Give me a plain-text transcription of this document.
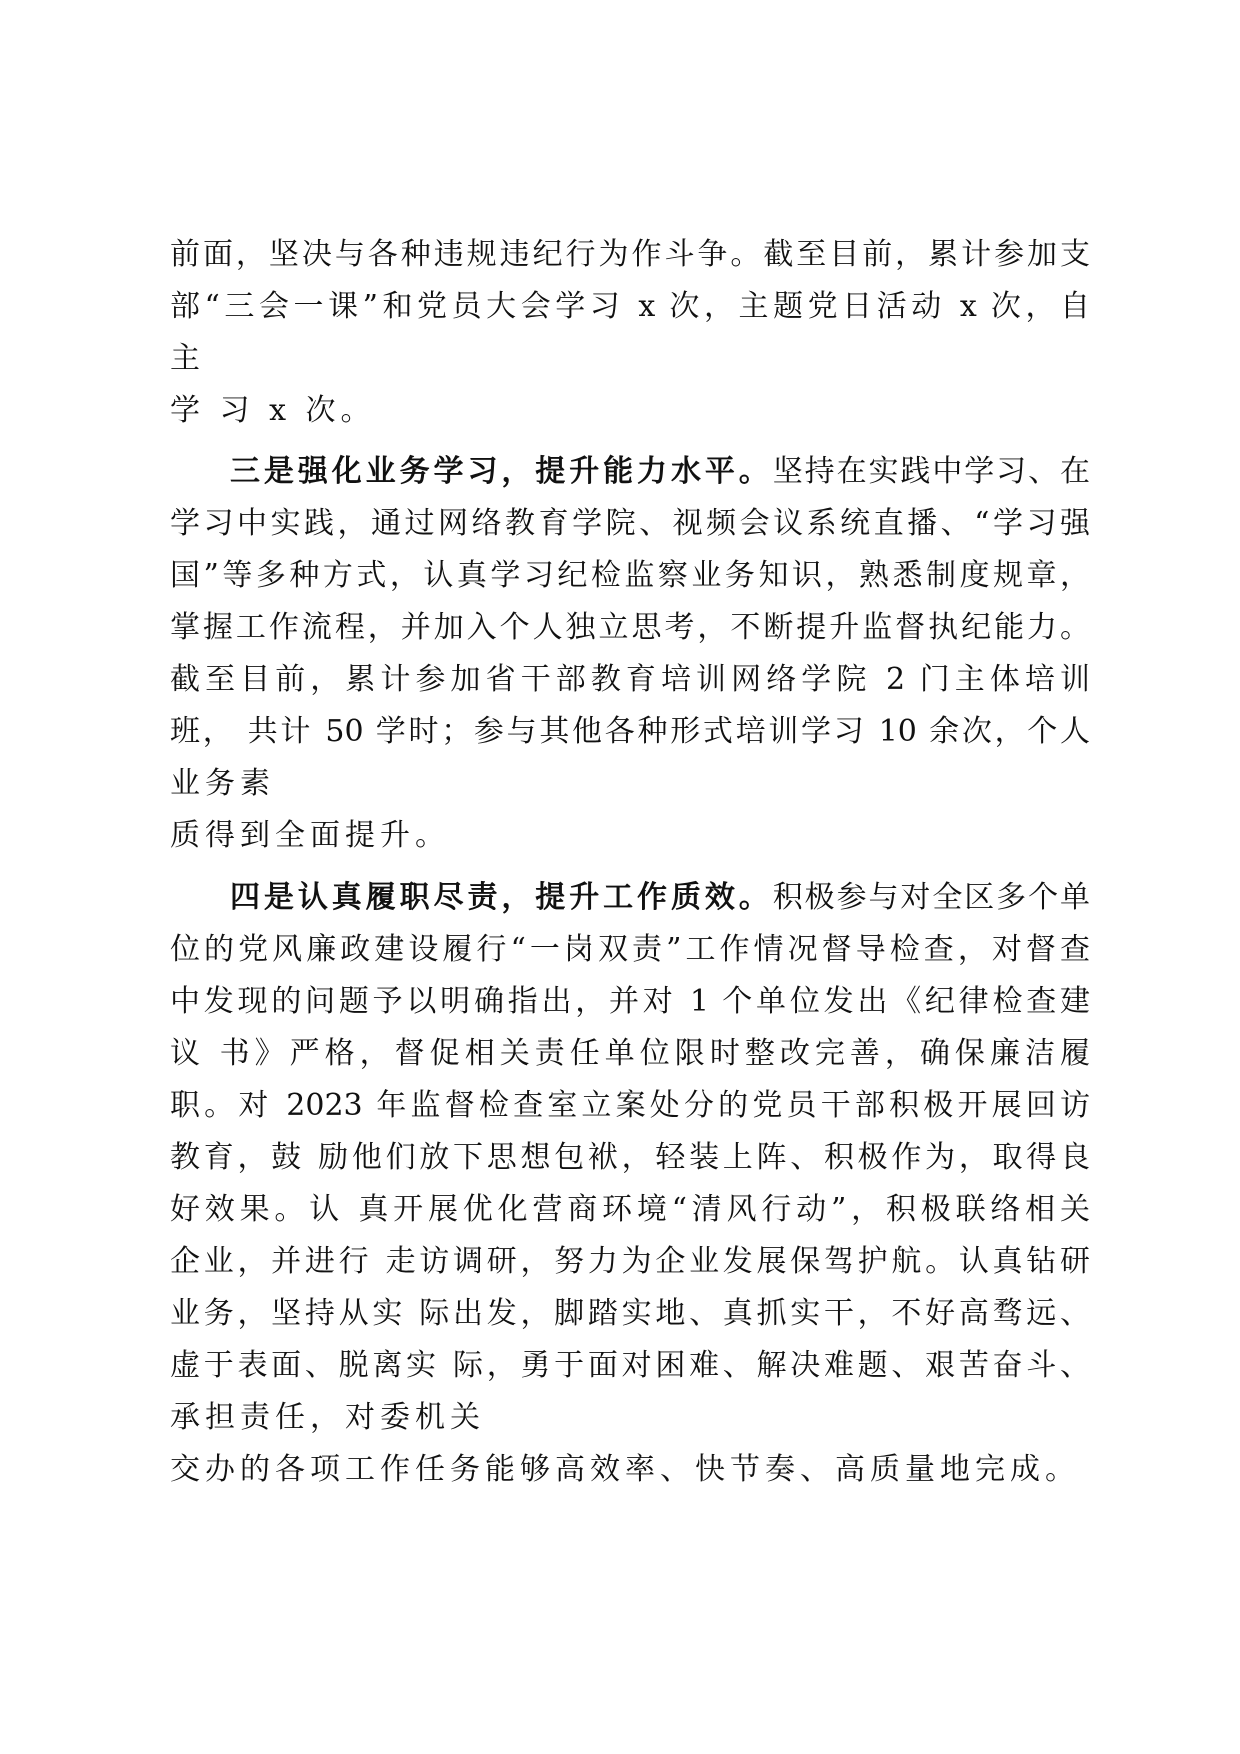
前面，坚决与各种违规违纪行为作斗争。截至目前，累计参加支
部“三会一课”和党员大会学习 x 次，主题党日活动 x 次，自
主
学 习 x 次。
三是强化业务学习，提升能力水平。坚持在实践中学习、在
学习中实践，通过网络教育学院、视频会议系统直播、“学习强
国”等多种方式，认真学习纪检监察业务知识，熟悉制度规章，
掌握工作流程，并加入个人独立思考，不断提升监督执纪能力。
截至目前，累计参加省干部教育培训网络学院 2 门主体培训
班， 共计 50 学时；参与其他各种形式培训学习 10 余次，个人
业务素
质得到全面提升。
四是认真履职尽责，提升工作质效。积极参与对全区多个单
位的党风廉政建设履行“一岗双责”工作情况督导检查，对督查
中发现的问题予以明确指出，并对 1 个单位发出《纪律检查建
议 书》严格，督促相关责任单位限时整改完善，确保廉洁履
职。对 2023 年监督检查室立案处分的党员干部积极开展回访
教育，鼓 励他们放下思想包袱，轻装上阵、积极作为，取得良
好效果。认 真开展优化营商环境“清风行动”，积极联络相关
企业，并进行 走访调研，努力为企业发展保驾护航。认真钻研
业务，坚持从实 际出发，脚踏实地、真抓实干，不好高骛远、
虚于表面、脱离实 际，勇于面对困难、解决难题、艰苦奋斗、
承担责任，对委机关
交办的各项工作任务能够高效率、快节奏、高质量地完成。
